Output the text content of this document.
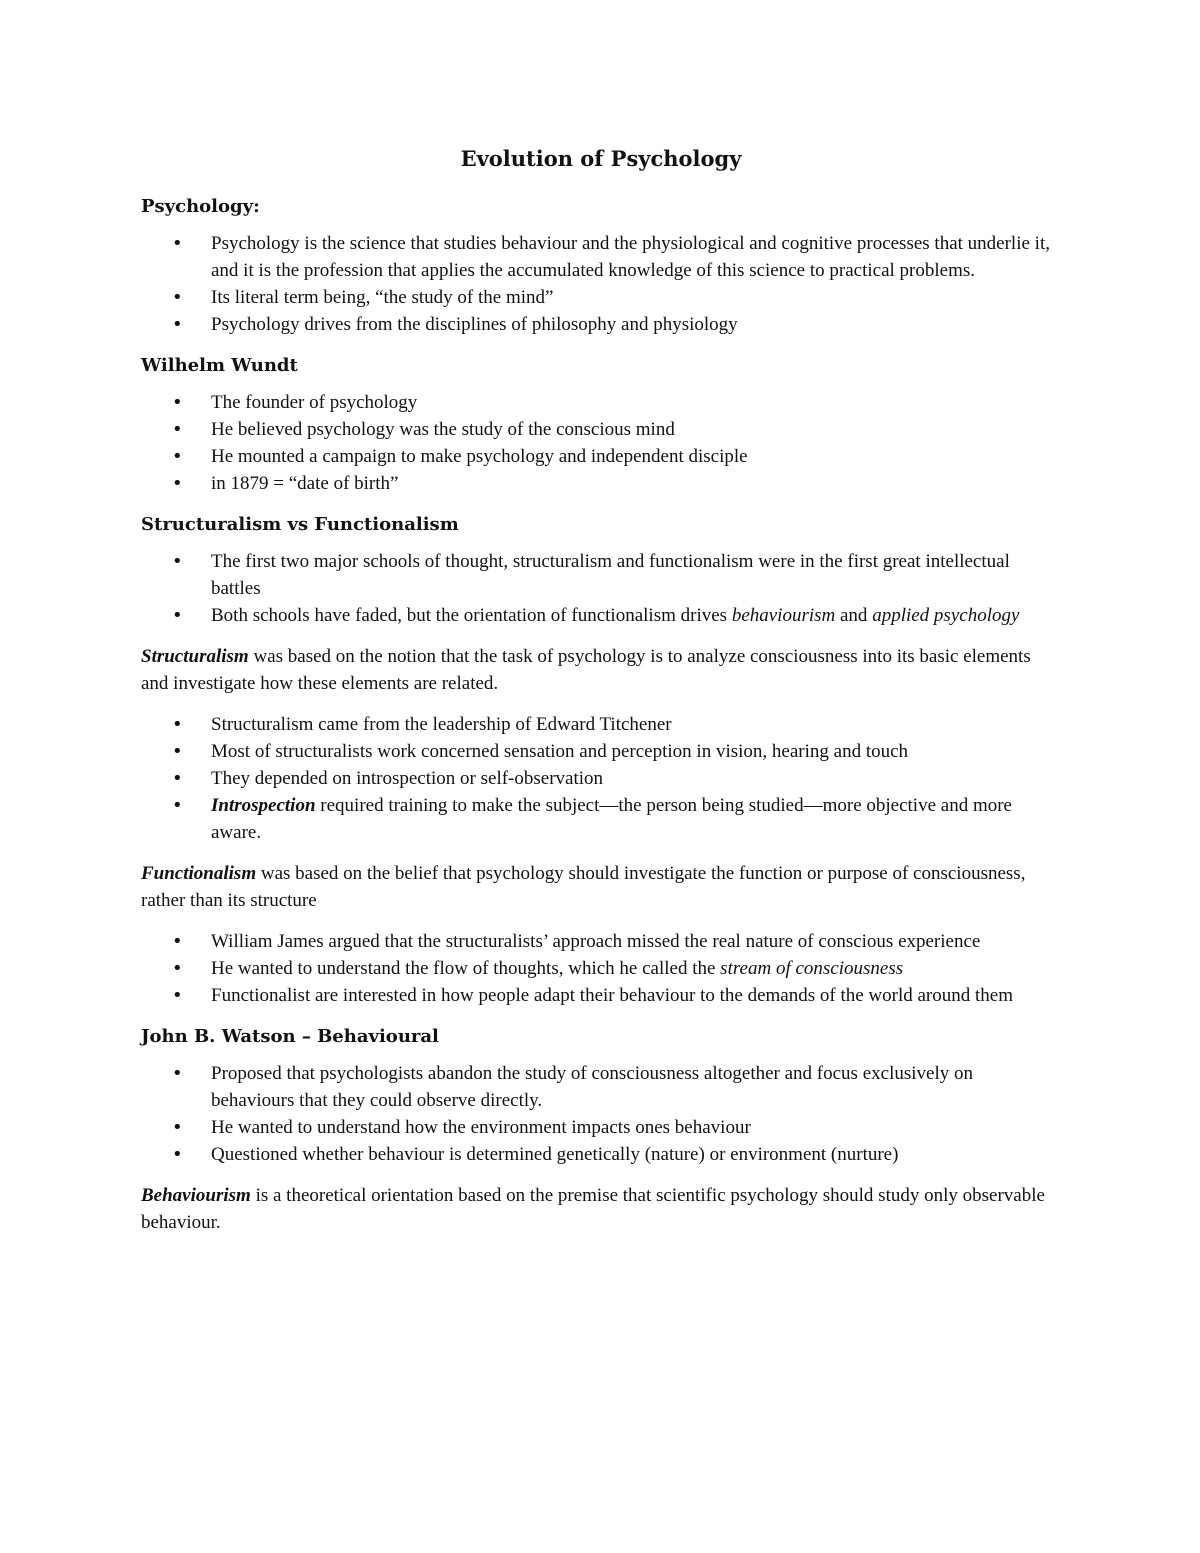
Evolution of Psychology
Psychology:
• Psychology is the science that studies behaviour and the physiological and cognitive processes that underlie it, and it is the profession that applies the accumulated knowledge of this science to practical problems.
• Its literal term being, “the study of the mind”
• Psychology drives from the disciplines of philosophy and physiology
Wilhelm Wundt
• The founder of psychology
• He believed psychology was the study of the conscious mind
• He mounted a campaign to make psychology and independent disciple
• in 1879 = “date of birth”
Structuralism vs Functionalism
• The first two major schools of thought, structuralism and functionalism were in the first great intellectual battles
• Both schools have faded, but the orientation of functionalism drives behaviourism and applied psychology

Structuralism was based on the notion that the task of psychology is to analyze consciousness into its basic elements and investigate how these elements are related.

• Structuralism came from the leadership of Edward Titchener
• Most of structuralists work concerned sensation and perception in vision, hearing and touch
• They depended on introspection or self-observation
• Introspection required training to make the subject—the person being studied—more objective and more aware.

Functionalism was based on the belief that psychology should investigate the function or purpose of consciousness, rather than its structure

• William James argued that the structuralists’ approach missed the real nature of conscious experience
• He wanted to understand the flow of thoughts, which he called the stream of consciousness
• Functionalist are interested in how people adapt their behaviour to the demands of the world around them
John B. Watson – Behavioural
• Proposed that psychologists abandon the study of consciousness altogether and focus exclusively on behaviours that they could observe directly.
• He wanted to understand how the environment impacts ones behaviour
• Questioned whether behaviour is determined genetically (nature) or environment (nurture)

Behaviourism is a theoretical orientation based on the premise that scientific psychology should study only observable behaviour.
